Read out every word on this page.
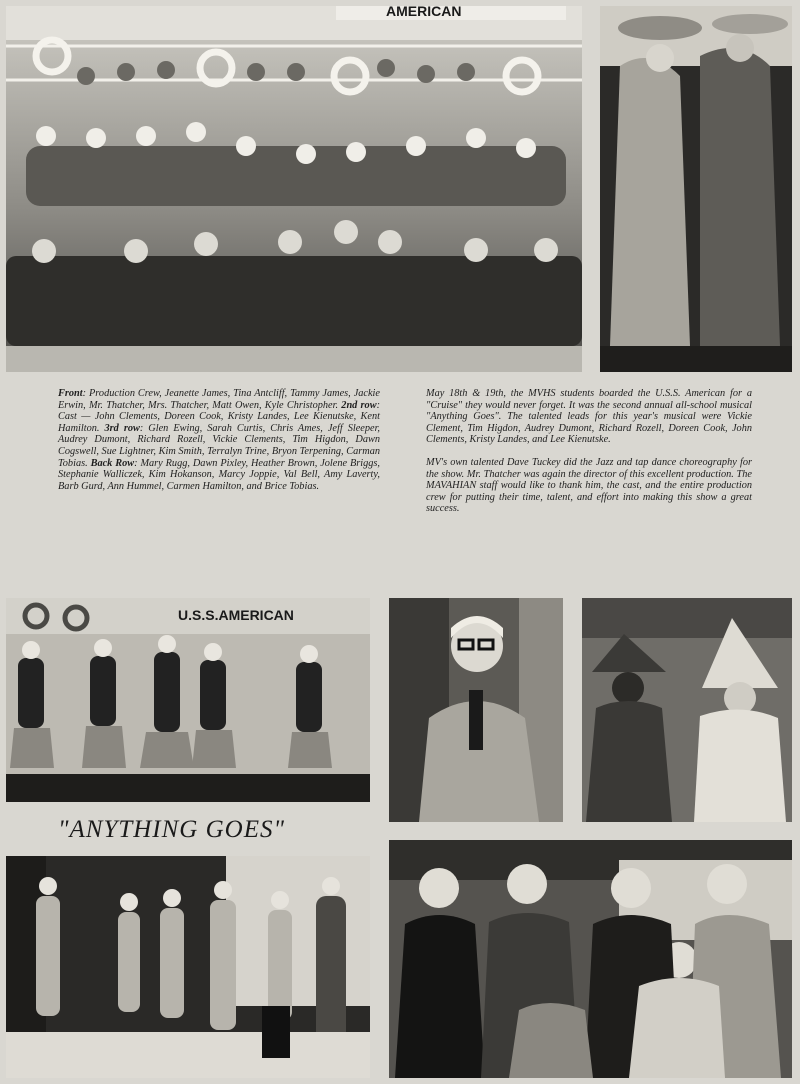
AMERICAN

Front: Production Crew, Jeanette James, Tina Antcliff, Tammy James, Jackie Erwin, Mr. Thatcher, Mrs. Thatcher, Matt Owen, Kyle Christopher. 2nd row: Cast — John Clements, Doreen Cook, Kristy Landes, Lee Kienutske, Kent Hamilton. 3rd row: Glen Ewing, Sarah Curtis, Chris Ames, Jeff Sleeper, Audrey Dumont, Richard Rozell, Vickie Clements, Tim Higdon, Dawn Cogswell, Sue Lightner, Kim Smith, Terralyn Trine, Bryon Terpening, Carman Tobias. Back Row: Mary Rugg, Dawn Pixley, Heather Brown, Jolene Briggs, Stephanie Walliczek, Kim Hokanson, Marcy Joppie, Val Bell, Amy Laverty, Barb Gurd, Ann Hummel, Carmen Hamilton, and Brice Tobias.

May 18th & 19th, the MVHS students boarded the U.S.S. American for a "Cruise" they would never forget. It was the second annual all-school musical "Anything Goes". The talented leads for this year's musical were Vickie Clement, Tim Higdon, Audrey Dumont, Richard Rozell, Doreen Cook, John Clements, Kristy Landes, and Lee Kienutske.

MV's own talented Dave Tuckey did the Jazz and tap dance choreography for the show. Mr. Thatcher was again the director of this excellent production. The MAVAHIAN staff would like to thank him, the cast, and the entire production crew for putting their time, talent, and effort into making this show a great success.

U.S.S.AMERICAN
"ANYTHING GOES"
